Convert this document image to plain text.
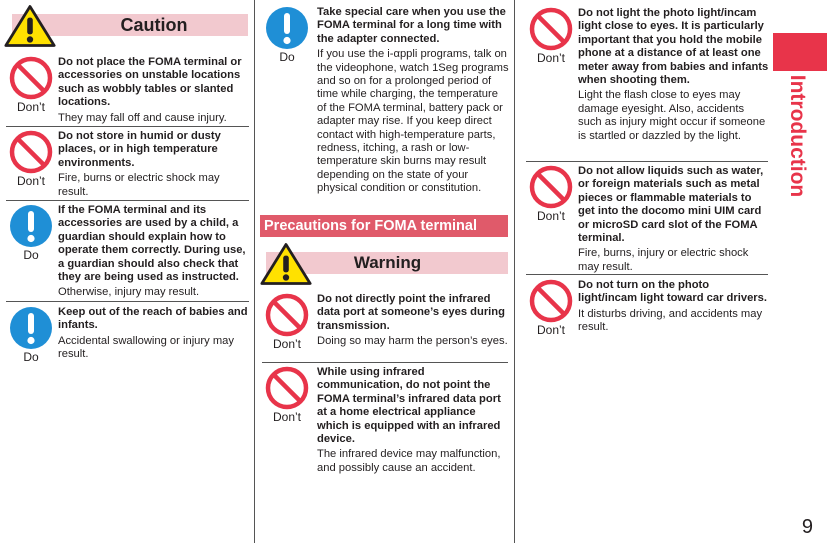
Caution
Don’t
Do not place the FOMA terminal or accessories on unstable locations such as wobbly tables or slanted locations.
They may fall off and cause injury.
Don’t
Do not store in humid or dusty places, or in high temperature environments.
Fire, burns or electric shock may result.
Do
If the FOMA terminal and its accessories are used by a child, a guardian should explain how to operate them correctly. During use, a guardian should also check that they are being used as instructed.
Otherwise, injury may result.
Do
Keep out of the reach of babies and infants.
Accidental swallowing or injury may result.
Do
Take special care when you use the FOMA terminal for a long time with the adapter connected.
If you use the i-αppli programs, talk on the videophone, watch 1Seg programs and so on for a prolonged period of time while charging, the temperature of the FOMA terminal, battery pack or adapter may rise. If you keep direct contact with high-temperature parts, redness, itching, a rash or low-temperature skin burns may result depending on the state of your physical condition or constitution.
Precautions for FOMA terminal
Warning
Don’t
Do not directly point the infrared data port at someone’s eyes during transmission.
Doing so may harm the person’s eyes.
Don’t
While using infrared communication, do not point the FOMA terminal’s infrared data port at a home electrical appliance which is equipped with an infrared device.
The infrared device may malfunction, and possibly cause an accident.
Don’t
Do not light the photo light/incam light close to eyes. It is particularly important that you hold the mobile phone at a distance of at least one meter away from babies and infants when shooting them.
Light the flash close to eyes may damage eyesight. Also, accidents such as injury might occur if someone is startled or dazzled by the light.
Don’t
Do not allow liquids such as water, or foreign materials such as metal pieces or flammable materials to get into the docomo mini UIM card or microSD card slot of the FOMA terminal.
Fire, burns, injury or electric shock may result.
Don’t
Do not turn on the photo light/incam light toward car drivers.
It disturbs driving, and accidents may result.
Introduction
9
